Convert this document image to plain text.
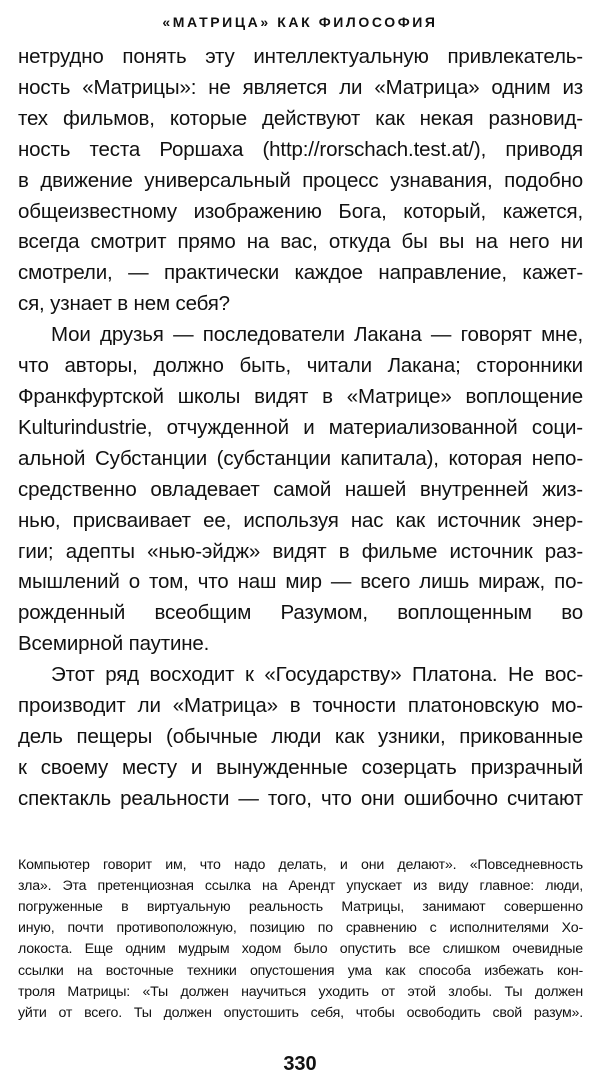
«МАТРИЦА» КАК ФИЛОСОФИЯ
нетрудно понять эту интеллектуальную привлекатель-
ность «Матрицы»: не является ли «Матрица» одним из
тех фильмов, которые действуют как некая разновид-
ность теста Роршаха (http://rorschach.test.at/), приводя
в движение универсальный процесс узнавания, подобно
общеизвестному изображению Бога, который, кажется,
всегда смотрит прямо на вас, откуда бы вы на него ни
смотрели, — практически каждое направление, кажет-
ся, узнает в нем себя?
Мои друзья — последователи Лакана — говорят мне,
что авторы, должно быть, читали Лакана; сторонники
Франкфуртской школы видят в «Матрице» воплощение
Kulturindustrie, отчужденной и материализованной соци-
альной Субстанции (субстанции капитала), которая непо-
средственно овладевает самой нашей внутренней жиз-
нью, присваивает ее, используя нас как источник энер-
гии; адепты «нью-эйдж» видят в фильме источник раз-
мышлений о том, что наш мир — всего лишь мираж, по-
рожденный всеобщим Разумом, воплощенным во
Всемирной паутине.
Этот ряд восходит к «Государству» Платона. Не вос-
производит ли «Матрица» в точности платоновскую мо-
дель пещеры (обычные люди как узники, прикованные
к своему месту и вынужденные созерцать призрачный
спектакль реальности — того, что они ошибочно считают
Компьютер говорит им, что надо делать, и они делают». «Повседневность
зла». Эта претенциозная ссылка на Арендт упускает из виду главное: люди,
погруженные в виртуальную реальность Матрицы, занимают совершенно
иную, почти противоположную, позицию по сравнению с исполнителями Хо-
локоста. Еще одним мудрым ходом было опустить все слишком очевидные
ссылки на восточные техники опустошения ума как способа избежать кон-
троля Матрицы: «Ты должен научиться уходить от этой злобы. Ты должен
уйти от всего. Ты должен опустошить себя, чтобы освободить свой разум».
330
